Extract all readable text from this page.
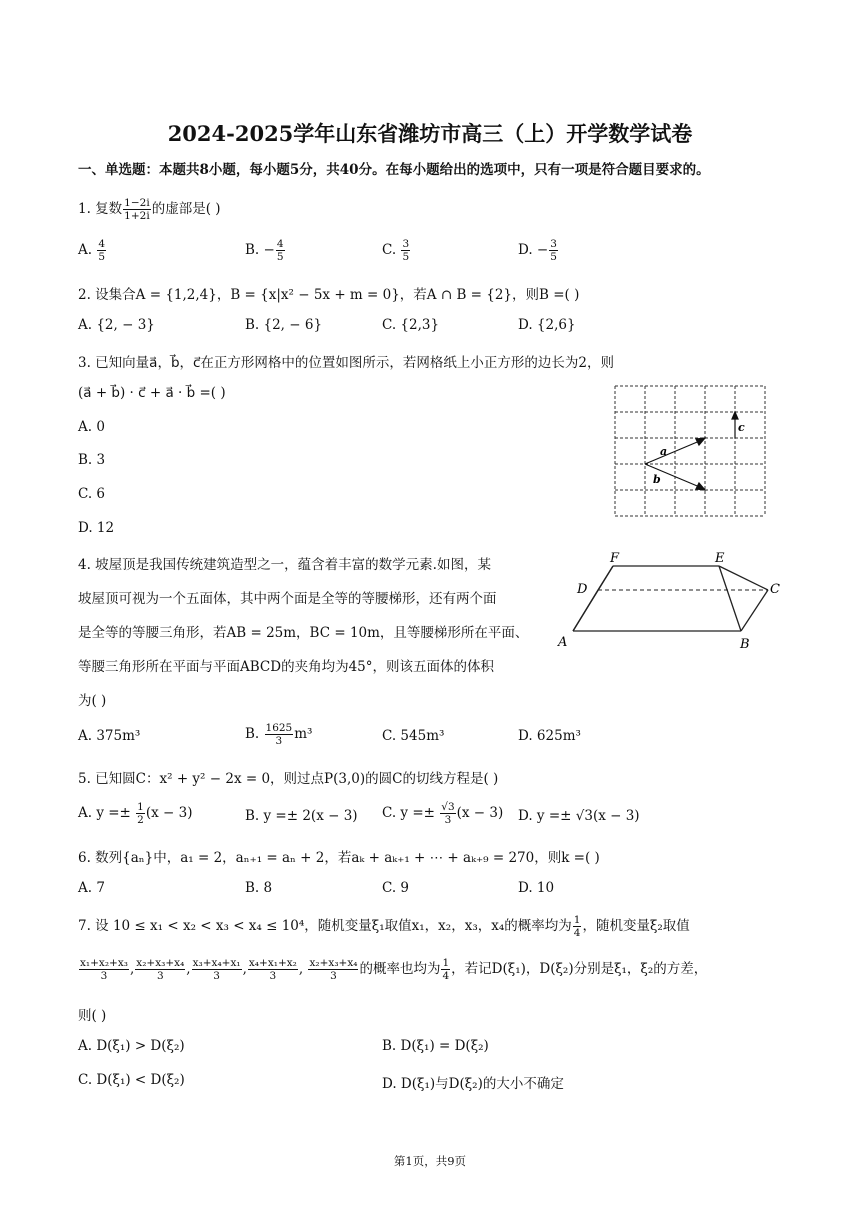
2024-2025学年山东省潍坊市高三（上）开学数学试卷
一、单选题：本题共8小题，每小题5分，共40分。在每小题给出的选项中，只有一项是符合题目要求的。
1. 复数 $\frac{1-2i}{1+2i}$ 的虚部是( )
A. $\frac{4}{5}$	B. − $\frac{4}{5}$	C. $\frac{3}{5}$	D. − $\frac{3}{5}$
2. 设集合A = {1,2,4}，B = {x|x² − 5x + m = 0}，若A ∩ B = {2}，则B =( )
A. {2, − 3}	B. {2, − 6}	C. {2,3}	D. {2,6}
3. 已知向量a⃗，b⃗，c⃗在正方形网格中的位置如图所示，若网格纸上小正方形的边长为2，则
(a⃗ + b⃗) · c⃗ + a⃗ · b⃗ =( )
A. 0
B. 3
C. 6
D. 12
a
b
c
4. 坡屋顶是我国传统建筑造型之一，蕴含着丰富的数学元素.如图，某
坡屋顶可视为一个五面体，其中两个面是全等的等腰梯形，还有两个面
是全等的等腰三角形，若AB = 25m，BC = 10m，且等腰梯形所在平面、
等腰三角形所在平面与平面ABCD的夹角均为45°，则该五面体的体积
为( )
F	E
D	C
A	B
A. 375m³	B. $\frac{1625}{3} m^3$	C. 545m³	D. 625m³
5. 已知圆C：x² + y² − 2x = 0，则过点P(3,0)的圆C的切线方程是( )
A. $y =\pm \frac{1}{2} (x - 3)$	B. y =± 2(x − 3) C. $y =\pm \frac{√3}{3} (x - 3)$ D. y =± √3(x − 3)
6. 数列{aₙ}中，a₁ = 2，aₙ₊₁ = aₙ + 2，若aₖ + aₖ₊₁ + ⋯ + aₖ₊₉ = 270，则k =( )
A. 7	B. 8	C. 9	D. 10
7. 设 10 ≤ x₁ < x₂ < x₃ < x₄ ≤ 10⁴，随机变量ξ₁取值x₁，x₂，x₃，x₄的概率均为 $\frac{1}{4}$ ，随机变量ξ₂取值
$\frac{\text{x₁+x₂+x₃}}{3}$ , $\frac{\text{x₂+x₃+x₄}}{3}$ , $\frac{\text{x₃+x₄+x₁}}{3}$ , $\frac{\text{x₄+x₁+x₂}}{3}$ , $\frac{\text{x₂+x₃+x₄}}{3}$ 的概率也均为 $\frac{1}{4}$ ，若记D(ξ₁)，D(ξ₂)分别是ξ₁，ξ₂的方差，
则( )
A. D(ξ₁) > D(ξ₂)	B. D(ξ₁) = D(ξ₂)
C. D(ξ₁) < D(ξ₂)	D. D(ξ₁)与D(ξ₂)的大小不确定
第1页，共9页
